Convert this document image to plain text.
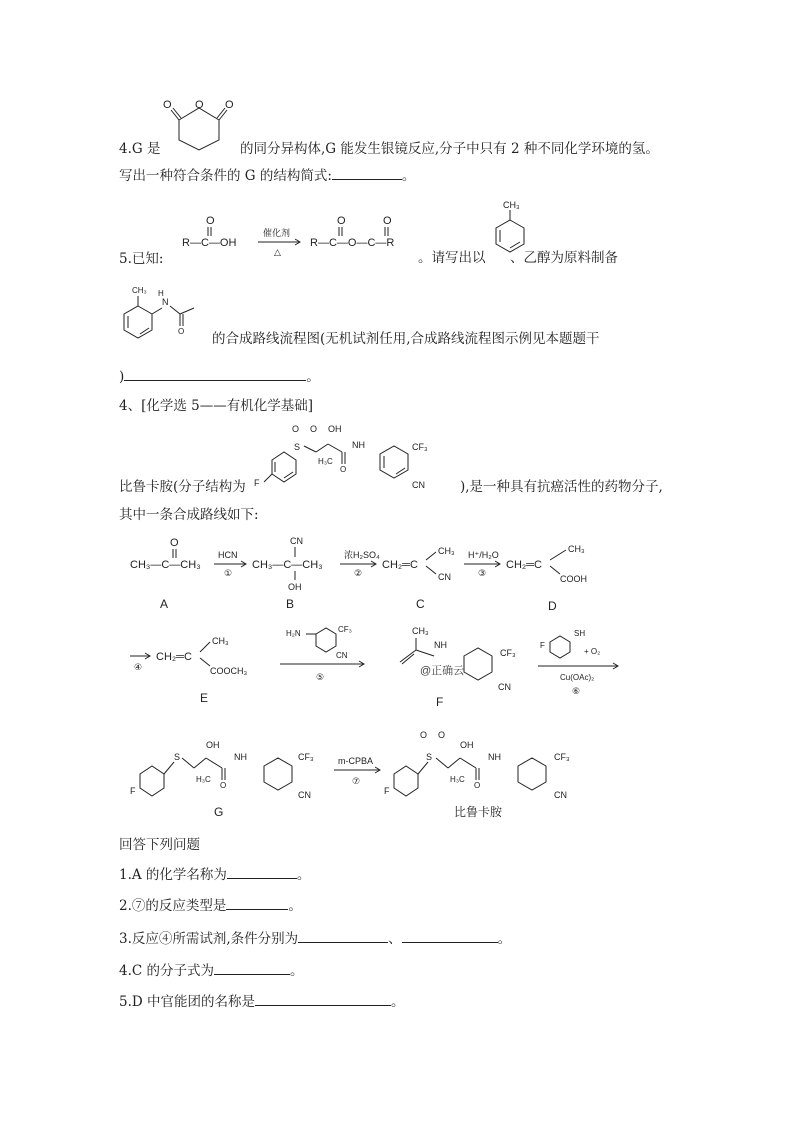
O
O	O
4.G 是	的同分异构体,G 能发生银镜反应,分子中只有 2 种不同化学环境的氢。
写出一种符合条件的 G 的结构简式:	。
5.已知:
R—C—OH
O
催化剂
△
R—C—O—C—R
O	O
。请写出以
CH₃
、乙醇为原料制备
CH₃
N
H
O 的合成路线流程图(无机试剂任用,合成路线流程图示例见本题题干
)	。
4、[化学选 5——有机化学基础]
F
S
O O OH
H₃C
O
NH	CF₃
CN
比鲁卡胺(分子结构为	),是一种具有抗癌活性的药物分子,
其中一条合成路线如下:
CH₃—C—CH₃
O
A
HCN
①
CH₃—C—CH₃
CN
OH
B
浓H₂SO₄
②
CH₂═C
CH₃
CN
C
H⁺/H₂O
③
CH₂═C
CH₃
COOH
D
④
CH₂═C
CH₃
COOCH₃
E
H₂N	CF₃
CN
⑤
CH₃
NH
CF₃
CN
@正确云
F
F
SH
+ O₂
Cu(OAc)₂
⑥
F
S
OH
H₃C
O
NH	CF₃
CN
G
m-CPBA
⑦
F
S
O O
OH
H₃C
O
NH	CF₃
CN
比鲁卡胺
回答下列问题
1.A 的化学名称为	。
2.⑦的反应类型是	。
3.反应④所需试剂,条件分别为	、	。
4.C 的分子式为	。
5.D 中官能团的名称是	。
